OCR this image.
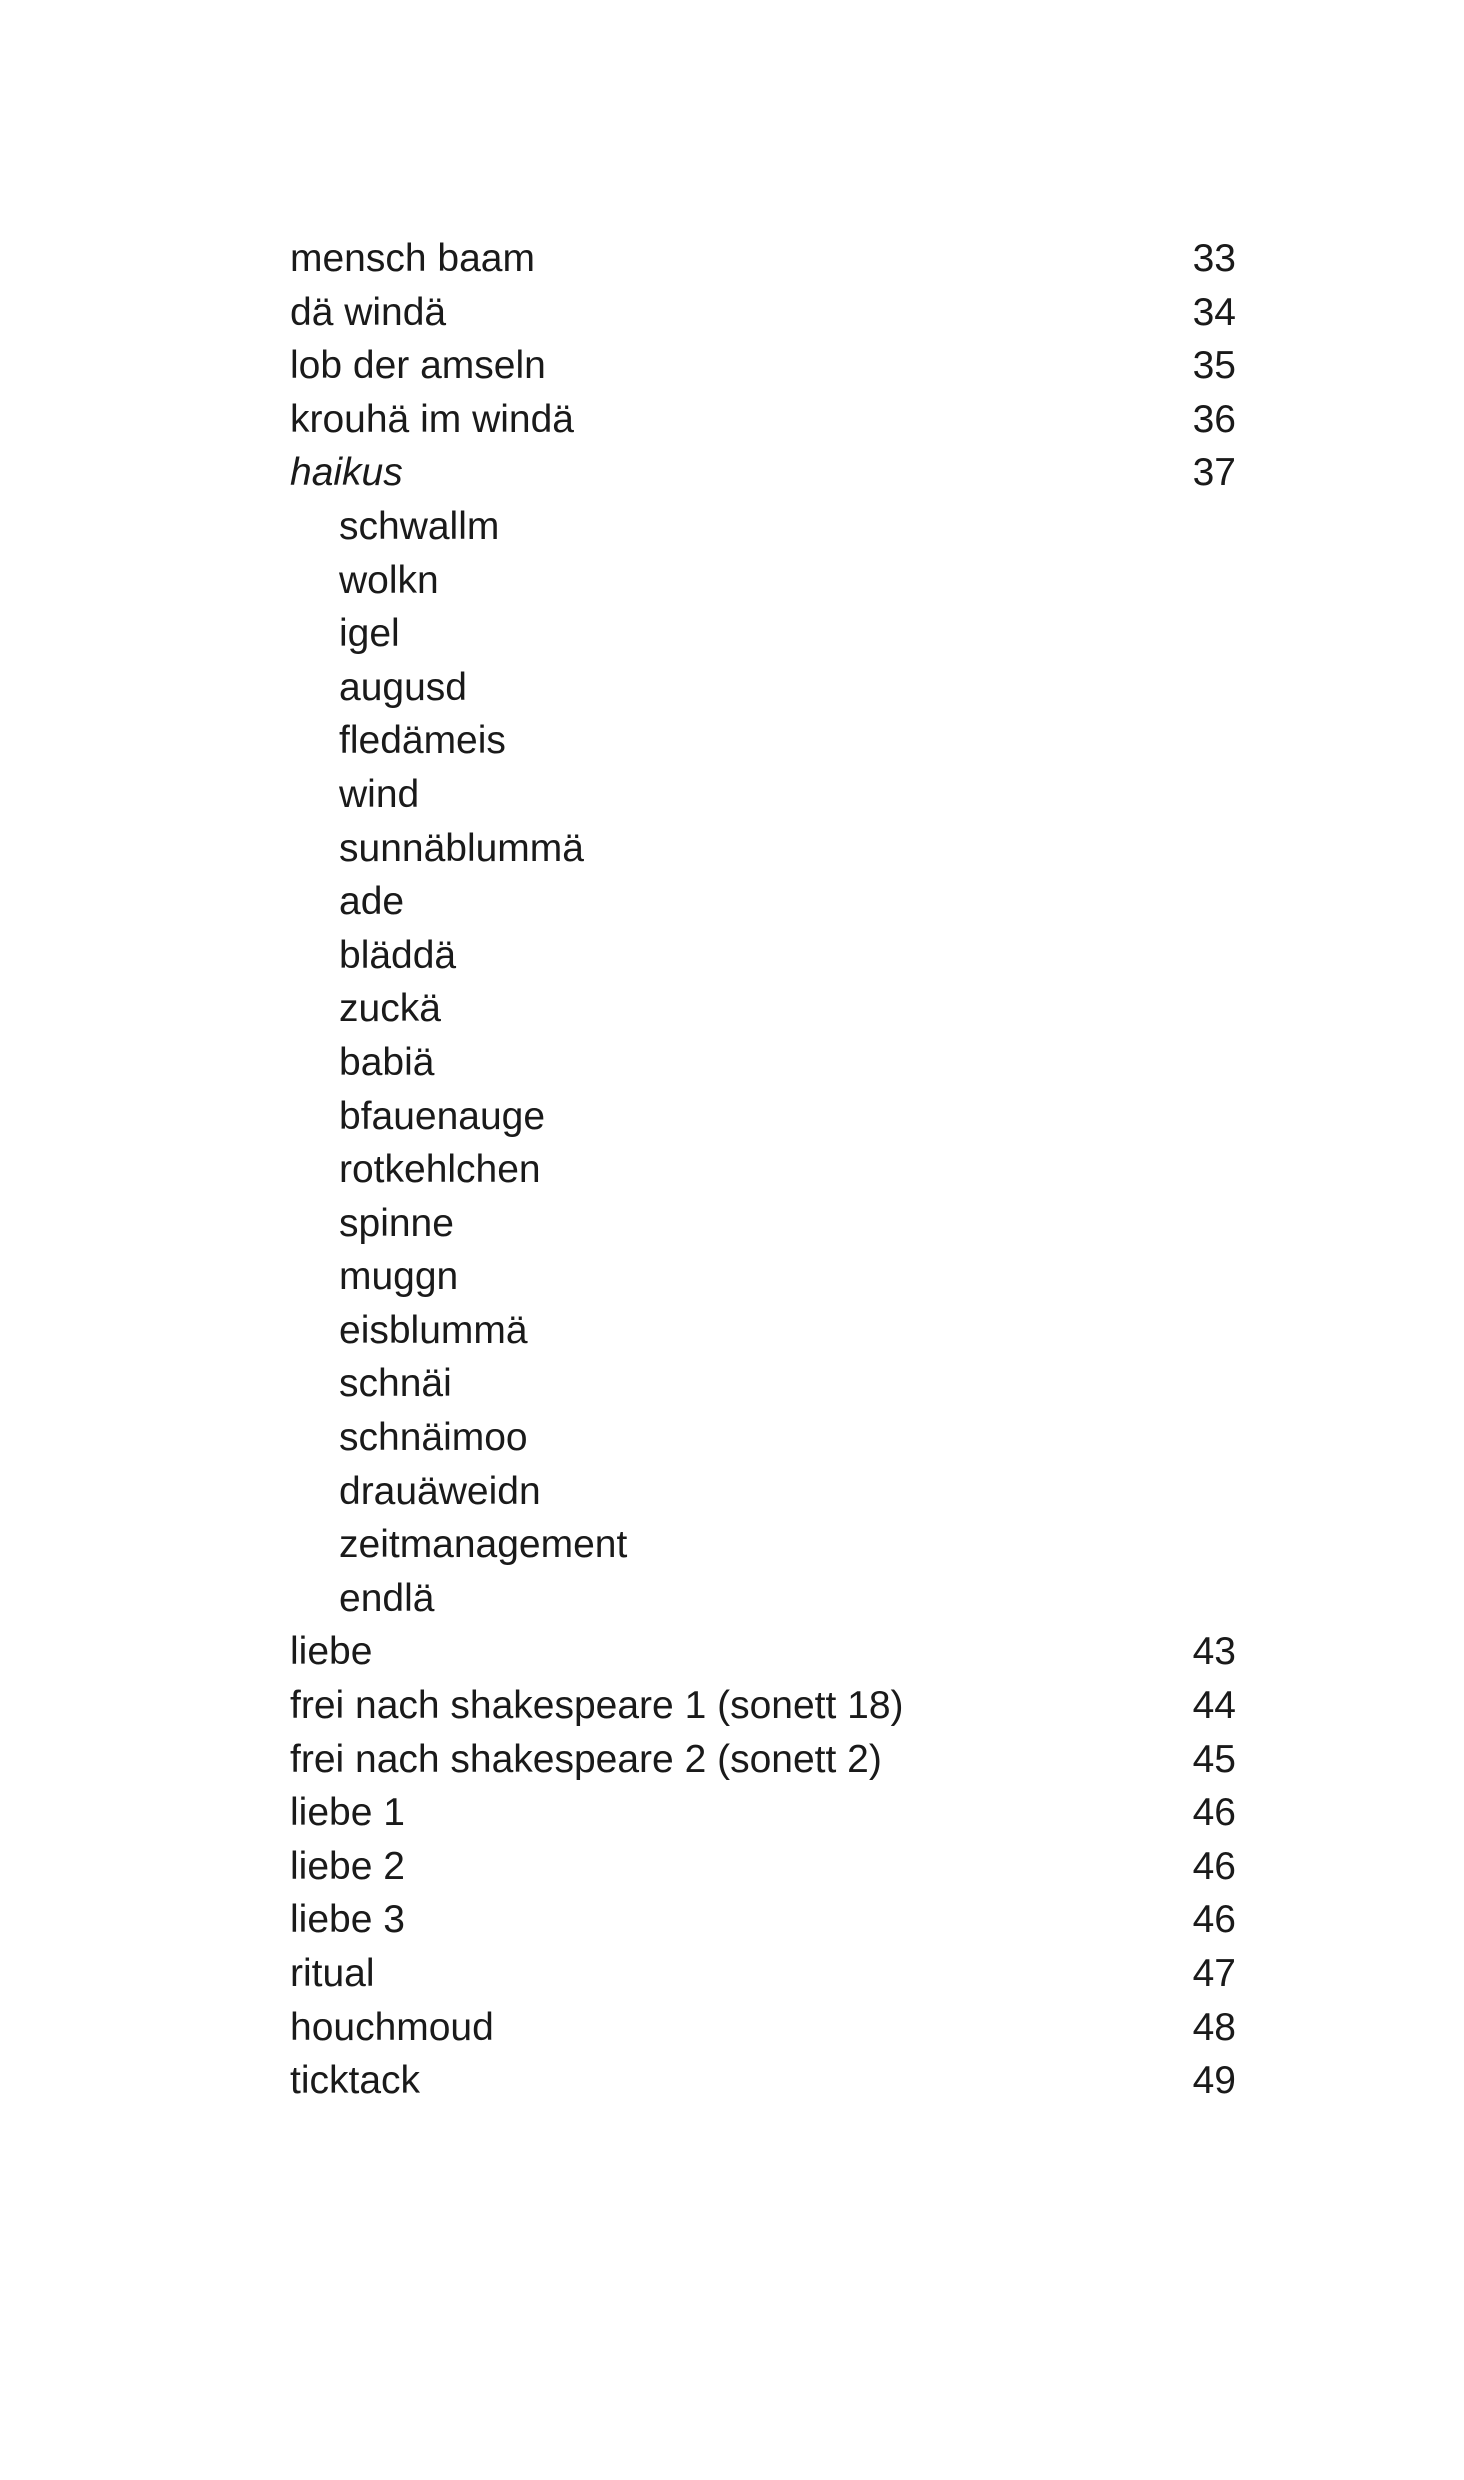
mensch baam	33
dä windä	34
lob der amseln	35
krouhä im windä	36
haikus	37
schwallm
wolkn
igel
augusd
fledämeis
wind
sunnäblummä
ade
bläddä
zuckä
babiä
bfauenauge
rotkehlchen
spinne
muggn
eisblummä
schnäi
schnäimoo
drauäweidn
zeitmanagement
endlä
liebe	43
frei nach shakespeare 1 (sonett 18)	44
frei nach shakespeare 2 (sonett 2)	45
liebe 1	46
liebe 2	46
liebe 3	46
ritual	47
houchmoud	48
ticktack	49
